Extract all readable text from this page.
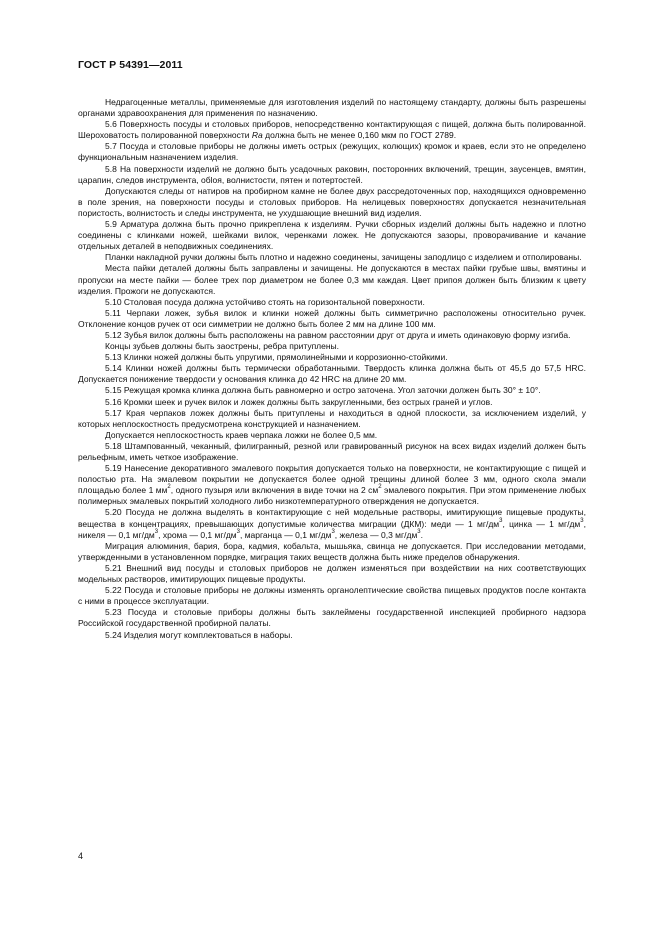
ГОСТ Р 54391—2011

Недрагоценные металлы, применяемые для изготовления изделий по настоящему стандарту, должны быть разрешены органами здравоохранения для применения по назначению.

5.6 Поверхность посуды и столовых приборов, непосредственно контактирующая с пищей, должна быть полированной. Шероховатость полированной поверхности Ra должна быть не менее 0,160 мкм по ГОСТ 2789.

5.7 Посуда и столовые приборы не должны иметь острых (режущих, колющих) кромок и краев, если это не определено функциональным назначением изделия.

5.8 На поверхности изделий не должно быть усадочных раковин, посторонних включений, трещин, заусенцев, вмятин, царапин, следов инструмента, обloя, волнистости, пятен и потертостей.

Допускаются следы от натиров на пробирном камне не более двух рассредоточенных пор, находящихся одновременно в поле зрения, на поверхности посуды и столовых приборов. На нелицевых поверхностях допускается незначительная пористость, волнистость и следы инструмента, не ухудшающие внешний вид изделия.

5.9 Арматура должна быть прочно прикреплена к изделиям. Ручки сборных изделий должны быть надежно и плотно соединены с клинками ножей, шейками вилок, черенками ложек. Не допускаются зазоры, проворачивание и качание отдельных деталей в неподвижных соединениях.

Планки накладной ручки должны быть плотно и надежно соединены, зачищены заподлицо с изделием и отполированы.

Места пайки деталей должны быть заправлены и зачищены. Не допускаются в местах пайки грубые швы, вмятины и пропуски на месте пайки — более трех пор диаметром не более 0,3 мм каждая. Цвет припоя должен быть близким к цвету изделия. Прожоги не допускаются.

5.10 Столовая посуда должна устойчиво стоять на горизонтальной поверхности.

5.11 Черпаки ложек, зубья вилок и клинки ножей должны быть симметрично расположены относительно ручек. Отклонение концов ручек от оси симметрии не должно быть более 2 мм на длине 100 мм.

5.12 Зубья вилок должны быть расположены на равном расстоянии друг от друга и иметь одинаковую форму изгиба.

Концы зубьев должны быть заострены, ребра притуплены.

5.13 Клинки ножей должны быть упругими, прямолинейными и коррозионно-стойкими.

5.14 Клинки ножей должны быть термически обработанными. Твердость клинка должна быть от 45,5 до 57,5 HRC. Допускается понижение твердости у основания клинка до 42 HRC на длине 20 мм.

5.15 Режущая кромка клинка должна быть равномерно и остро заточена. Угол заточки должен быть 30° ± 10°.

5.16 Кромки шеек и ручек вилок и ложек должны быть закругленными, без острых граней и углов.

5.17 Края черпаков ложек должны быть притуплены и находиться в одной плоскости, за исключением изделий, у которых неплоскостность предусмотрена конструкцией и назначением.

Допускается неплоскостность краев черпака ложки не более 0,5 мм.

5.18 Штампованный, чеканный, филигранный, резной или гравированный рисунок на всех видах изделий должен быть рельефным, иметь четкое изображение.

5.19 Нанесение декоративного эмалевого покрытия допускается только на поверхности, не контактирующие с пищей и полостью рта. На эмалевом покрытии не допускается более одной трещины длиной более 3 мм, одного скола эмали площадью более 1 $мм^2$, одного пузыря или включения в виде точки на 2 $см^2$ эмалевого покрытия. При этом применение любых полимерных эмалевых покрытий холодного либо низкотемпературного отверждения не допускается.

5.20 Посуда не должна выделять в контактирующие с ней модельные растворы, имитирующие пищевые продукты, вещества в концентрациях, превышающих допустимые количества миграции (ДКМ): меди — 1 $мг/дм^3$, цинка — 1 $мг/дм^3$, никеля — 0,1 $мг/дм^3$, хрома — 0,1 $мг/дм^3$, марганца — 0,1 $мг/дм^3$, железа — 0,3 $мг/дм^3$.

Миграция алюминия, бария, бора, кадмия, кобальта, мышьяка, свинца не допускается. При исследовании методами, утвержденными в установленном порядке, миграция таких веществ должна быть ниже пределов обнаружения.

5.21 Внешний вид посуды и столовых приборов не должен изменяться при воздействии на них соответствующих модельных растворов, имитирующих пищевые продукты.

5.22 Посуда и столовые приборы не должны изменять органолептические свойства пищевых продуктов после контакта с ними в процессе эксплуатации.

5.23 Посуда и столовые приборы должны быть заклеймены государственной инспекцией пробирного надзора Российской государственной пробирной палаты.

5.24 Изделия могут комплектоваться в наборы.

4
